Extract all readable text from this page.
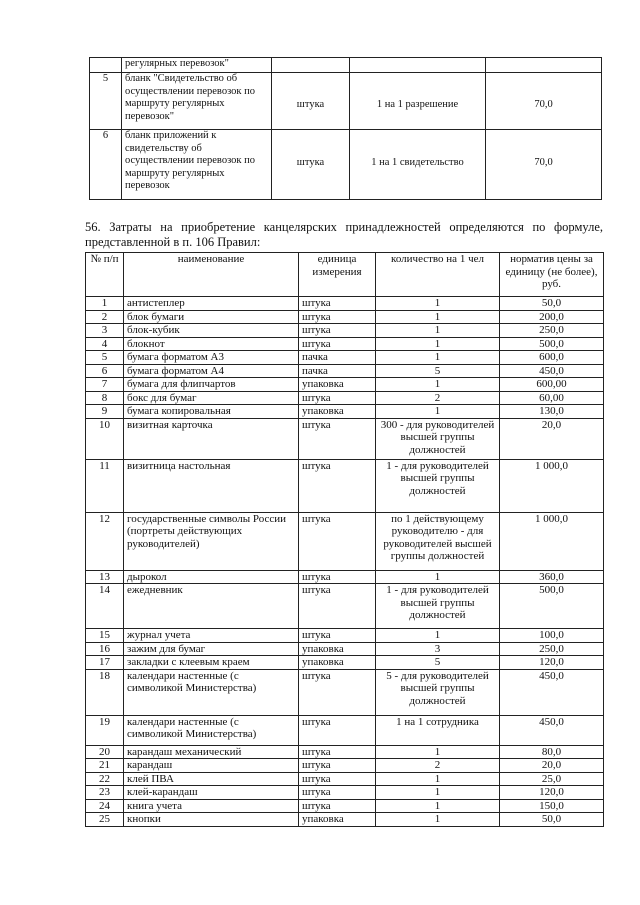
	регулярных перевозок"			
5	бланк "Свидетельство об осуществлении перевозок по маршруту регулярных перевозок"	штука	1 на 1 разрешение	70,0
6	бланк приложений к свидетельству об осуществлении перевозок по маршруту регулярных перевозок	штука	1 на 1 свидетельство	70,0

56. Затраты на приобретение канцелярских принадлежностей определяются по формуле, представленной в п. 106 Правил:

№ п/п	наименование	единица измерения	количество на 1 чел	норматив цены за единицу (не более), руб.
1	антистеплер	штука	1	50,0
2	блок бумаги	штука	1	200,0
3	блок-кубик	штука	1	250,0
4	блокнот	штука	1	500,0
5	бумага форматом А3	пачка	1	600,0
6	бумага форматом А4	пачка	5	450,0
7	бумага для флипчартов	упаковка	1	600,00
8	бокс для бумаг	штука	2	60,00
9	бумага копировальная	упаковка	1	130,0
10	визитная карточка	штука	300 - для руководителей высшей группы должностей	20,0
11	визитница настольная	штука	1 - для руководителей высшей группы должностей	1 000,0
12	государственные символы России (портреты действующих руководителей)	штука	по 1 действующему руководителю - для руководителей высшей группы должностей	1 000,0
13	дырокол	штука	1	360,0
14	ежедневник	штука	1 - для руководителей высшей группы должностей	500,0
15	журнал учета	штука	1	100,0
16	зажим для бумаг	упаковка	3	250,0
17	закладки с клеевым краем	упаковка	5	120,0
18	календари настенные (с символикой Министерства)	штука	5 - для руководителей высшей группы должностей	450,0
19	календари настенные (с символикой Министерства)	штука	1 на 1 сотрудника	450,0
20	карандаш механический	штука	1	80,0
21	карандаш	штука	2	20,0
22	клей ПВА	штука	1	25,0
23	клей-карандаш	штука	1	120,0
24	книга учета	штука	1	150,0
25	кнопки	упаковка	1	50,0
